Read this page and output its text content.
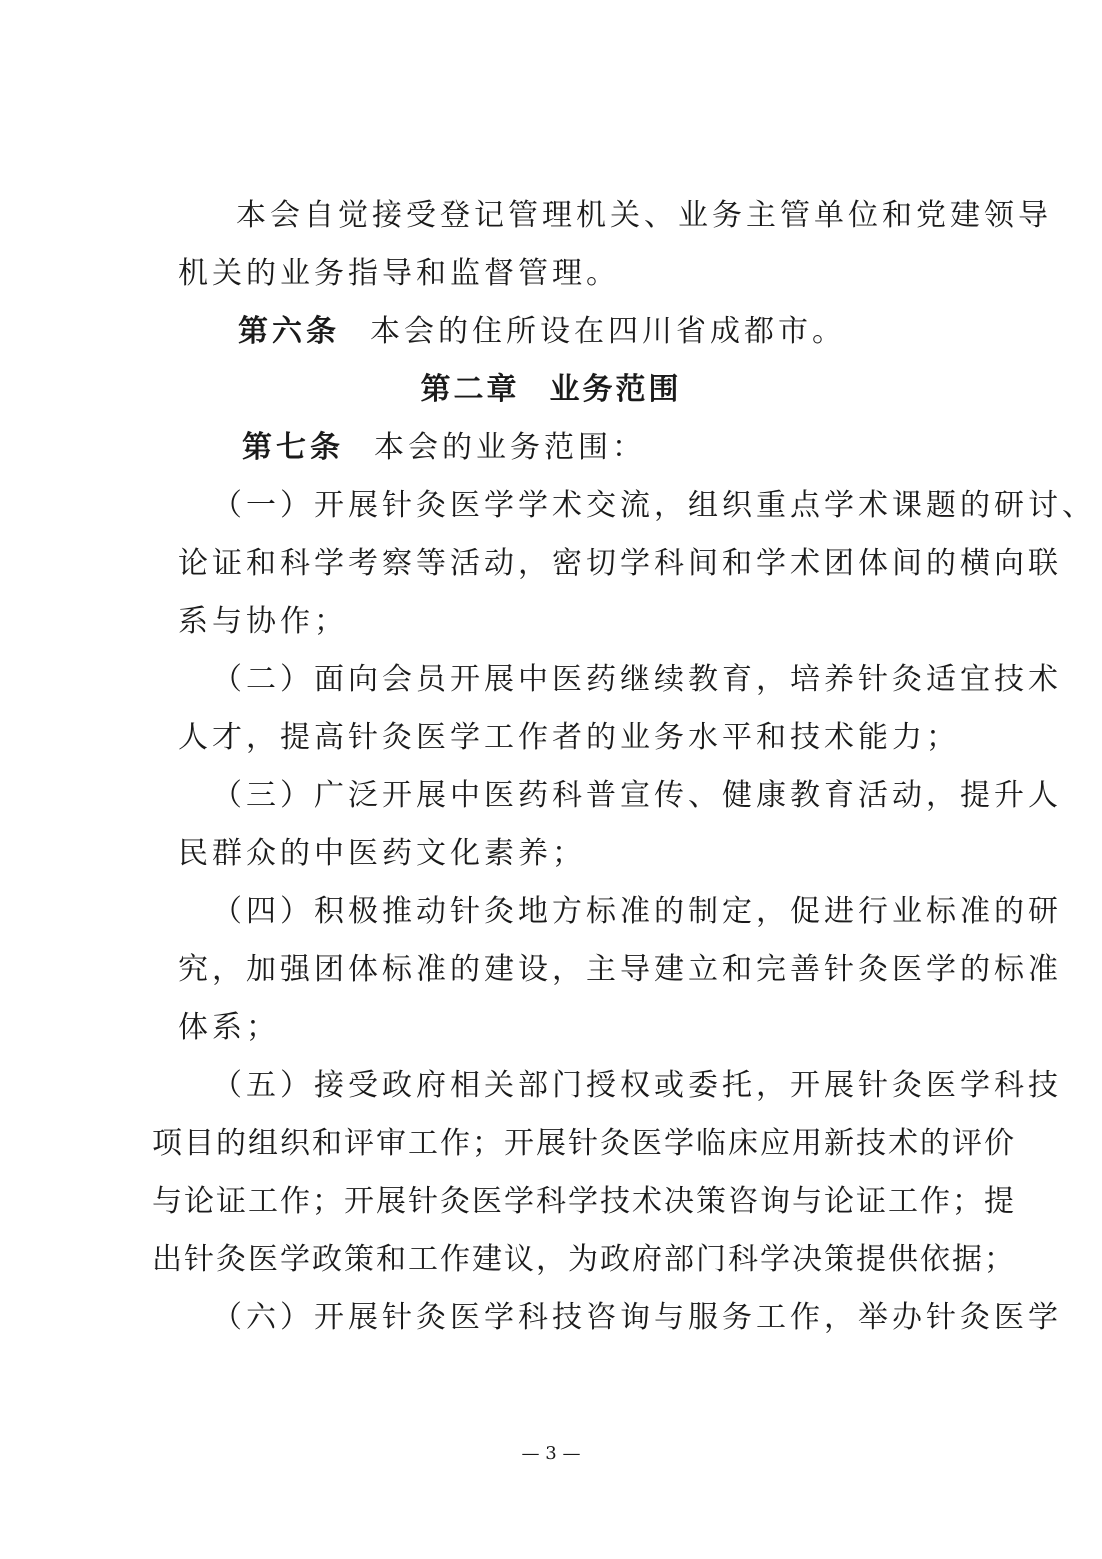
本会自觉接受登记管理机关、业务主管单位和党建领导
机关的业务指导和监督管理。
第六条 本会的住所设在四川省成都市。
第二章 业务范围
第七条 本会的业务范围：
（一）开展针灸医学学术交流，组织重点学术课题的研讨、
论证和科学考察等活动，密切学科间和学术团体间的横向联
系与协作；
（二）面向会员开展中医药继续教育，培养针灸适宜技术
人才，提高针灸医学工作者的业务水平和技术能力；
（三）广泛开展中医药科普宣传、健康教育活动，提升人
民群众的中医药文化素养；
（四）积极推动针灸地方标准的制定，促进行业标准的研
究，加强团体标准的建设，主导建立和完善针灸医学的标准
体系；
（五）接受政府相关部门授权或委托，开展针灸医学科技
项目的组织和评审工作；开展针灸医学临床应用新技术的评价
与论证工作；开展针灸医学科学技术决策咨询与论证工作；提
出针灸医学政策和工作建议，为政府部门科学决策提供依据；
（六）开展针灸医学科技咨询与服务工作，举办针灸医学
— 3 —
